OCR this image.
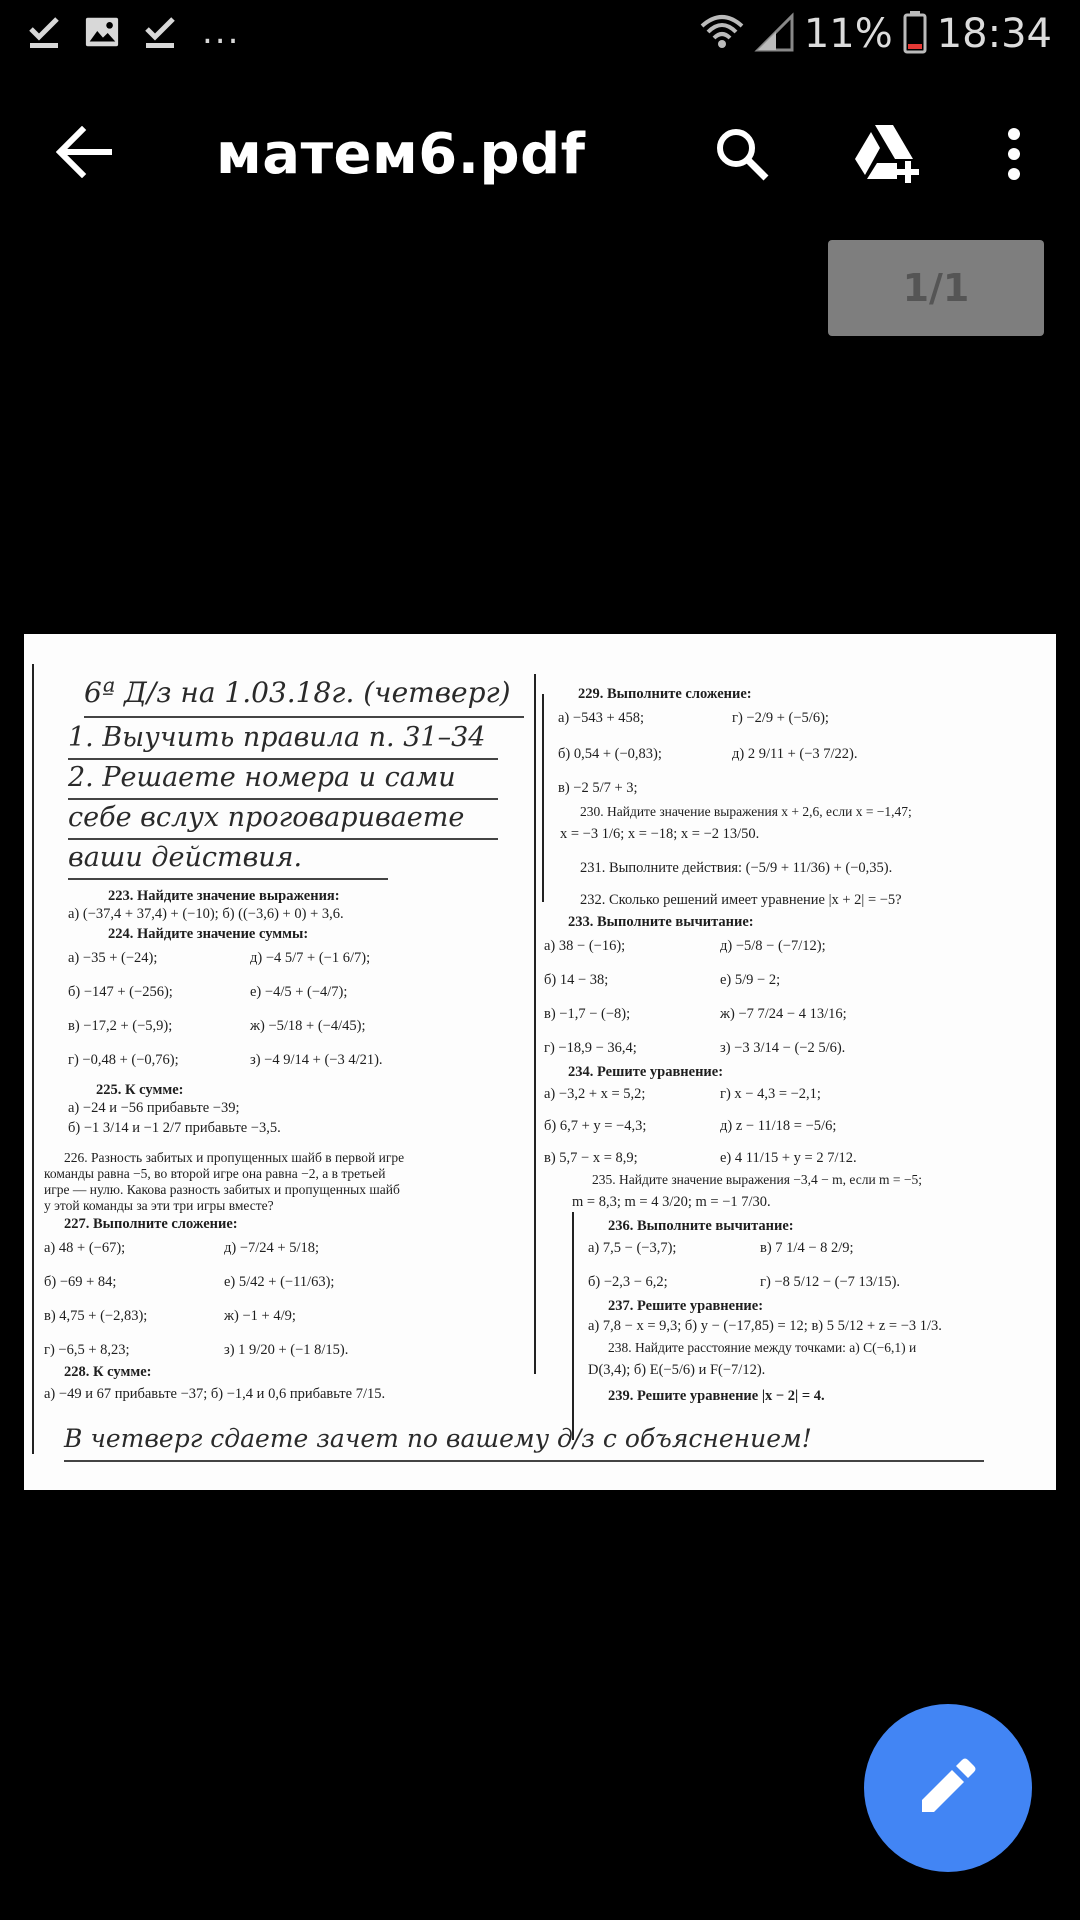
...	11% 18:34
матем6.pdf
1/1
6ª Д/з на 1.03.18г. (четверг)
1. Выучить правила п. 31–34
2. Решаете номера и сами
себе вслух проговариваете
ваши действия.
223. Найдите значение выражения:
а) (−37,4 + 37,4) + (−10); б) ((−3,6) + 0) + 3,6.
224. Найдите значение суммы:
а) −35 + (−24);	д) −4 5/7 + (−1 6/7);
б) −147 + (−256);	е) −4/5 + (−4/7);
в) −17,2 + (−5,9);	ж) −5/18 + (−4/45);
г) −0,48 + (−0,76);	з) −4 9/14 + (−3 4/21).
225. К сумме:
а) −24 и −56 прибавьте −39;
б) −1 3/14 и −1 2/7 прибавьте −3,5.
226. Разность забитых и пропущенных шайб в первой игре
команды равна −5, во второй игре она равна −2, а в третьей
игре — нулю. Какова разность забитых и пропущенных шайб
у этой команды за эти три игры вместе?
227. Выполните сложение:
а) 48 + (−67);	д) −7/24 + 5/18;
б) −69 + 84;	е) 5/42 + (−11/63);
в) 4,75 + (−2,83);	ж) −1 + 4/9;
г) −6,5 + 8,23;	з) 1 9/20 + (−1 8/15).
228. К сумме:
а) −49 и 67 прибавьте −37; б) −1,4 и 0,6 прибавьте 7/15.
229. Выполните сложение:
а) −543 + 458;	г) −2/9 + (−5/6);
б) 0,54 + (−0,83);	д) 2 9/11 + (−3 7/22).
в) −2 5/7 + 3;
230. Найдите значение выражения x + 2,6, если x = −1,47;
x = −3 1/6; x = −18; x = −2 13/50.
231. Выполните действия: (−5/9 + 11/36) + (−0,35).
232. Сколько решений имеет уравнение |x + 2| = −5?
233. Выполните вычитание:
а) 38 − (−16);	д) −5/8 − (−7/12);
б) 14 − 38;	е) 5/9 − 2;
в) −1,7 − (−8);	ж) −7 7/24 − 4 13/16;
г) −18,9 − 36,4;	з) −3 3/14 − (−2 5/6).
234. Решите уравнение:
а) −3,2 + x = 5,2;	г) x − 4,3 = −2,1;
б) 6,7 + y = −4,3;	д) z − 11/18 = −5/6;
в) 5,7 − x = 8,9;	е) 4 11/15 + y = 2 7/12.
235. Найдите значение выражения −3,4 − m, если m = −5;
m = 8,3; m = 4 3/20; m = −1 7/30.
236. Выполните вычитание:
а) 7,5 − (−3,7);	в) 7 1/4 − 8 2/9;
б) −2,3 − 6,2;	г) −8 5/12 − (−7 13/15).
237. Решите уравнение:
а) 7,8 − x = 9,3; б) y − (−17,85) = 12; в) 5 5/12 + z = −3 1/3.
238. Найдите расстояние между точками: а) C(−6,1) и
D(3,4); б) E(−5/6) и F(−7/12).
239. Решите уравнение |x − 2| = 4.
В четверг сдаете зачет по вашему д/з с объяснением!
